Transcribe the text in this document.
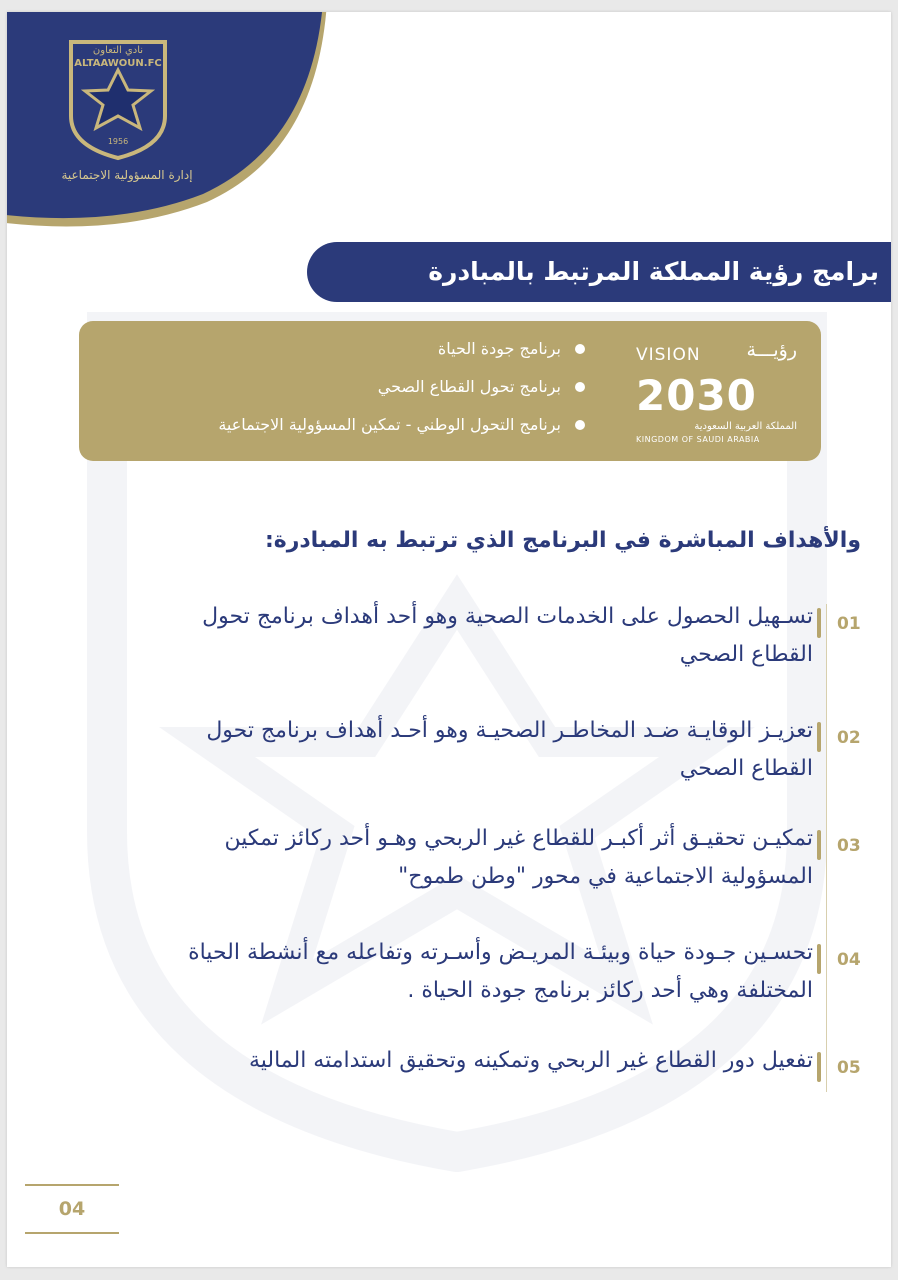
نادي التعاون
ALTAAWOUN.FC
1956
إدارة المسؤولية الاجتماعية
برامج رؤية المملكة المرتبط بالمبادرة
VISION رؤيـــة
2030
المملكة العربية السعودية
KINGDOM OF SAUDI ARABIA
برنامج جودة الحياة
برنامج تحول القطاع الصحي
برنامج التحول الوطني - تمكين المسؤولية الاجتماعية
والأهداف المباشرة في البرنامج الذي ترتبط به المبادرة:
01
تسـهيل الحصول على الخدمات الصحية وهو أحد أهداف برنامج تحول القطاع الصحي
02
تعزيـز الوقايـة ضـد المخاطـر الصحيـة وهو أحـد أهداف برنامج تحول القطاع الصحي
03
تمكيـن تحقيـق أثر أكبـر للقطاع غير الربحي وهـو أحد ركائز تمكين المسؤولية الاجتماعية في محور "وطن طموح"
04
تحسـين جـودة حياة وبيئـة المريـض وأسـرته وتفاعله مع أنشطة الحياة المختلفة وهي أحد ركائز برنامج جودة الحياة .
05
تفعيل دور القطاع غير الربحي وتمكينه وتحقيق استدامته المالية
04
